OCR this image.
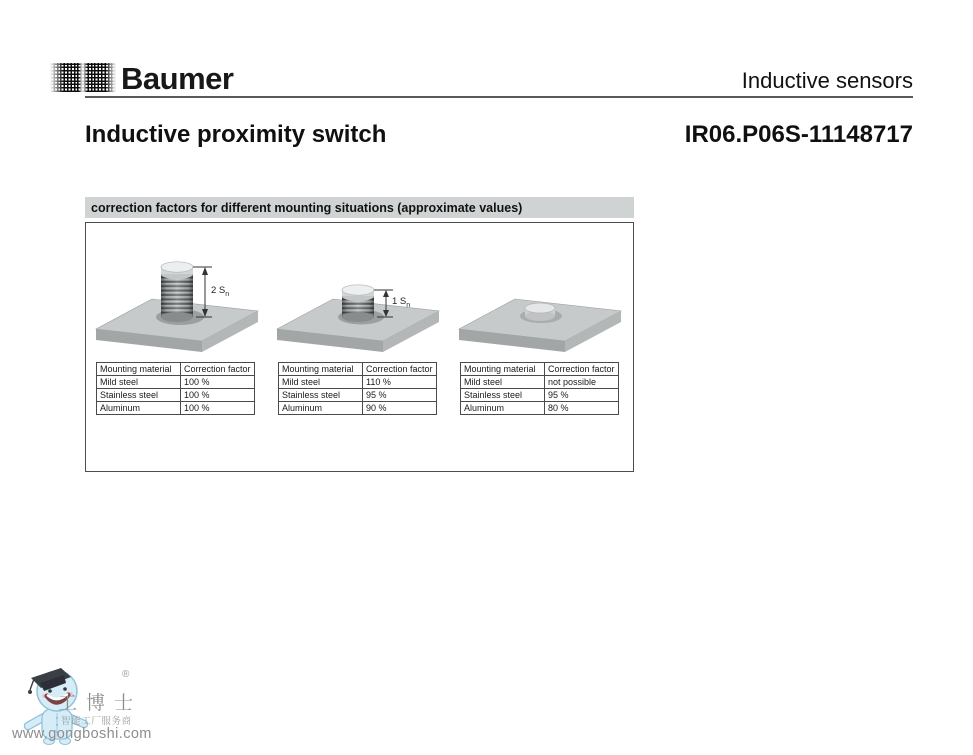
Baumer	Inductive sensors
Inductive proximity switch	IR06.P06S-11148717
correction factors for different mounting situations (approximate values)
2 $S_n$
1 $S_n$
Mounting material	Correction factor
Mild steel	100 %
Stainless steel	100 %
Aluminum	100 %
Mounting material	Correction factor
Mild steel	110 %
Stainless steel	95 %
Aluminum	90 %
Mounting material	Correction factor
Mild steel	not possible
Stainless steel	95 %
Aluminum	80 %
®
工博士
智能工厂服务商
www.gongboshi.com
